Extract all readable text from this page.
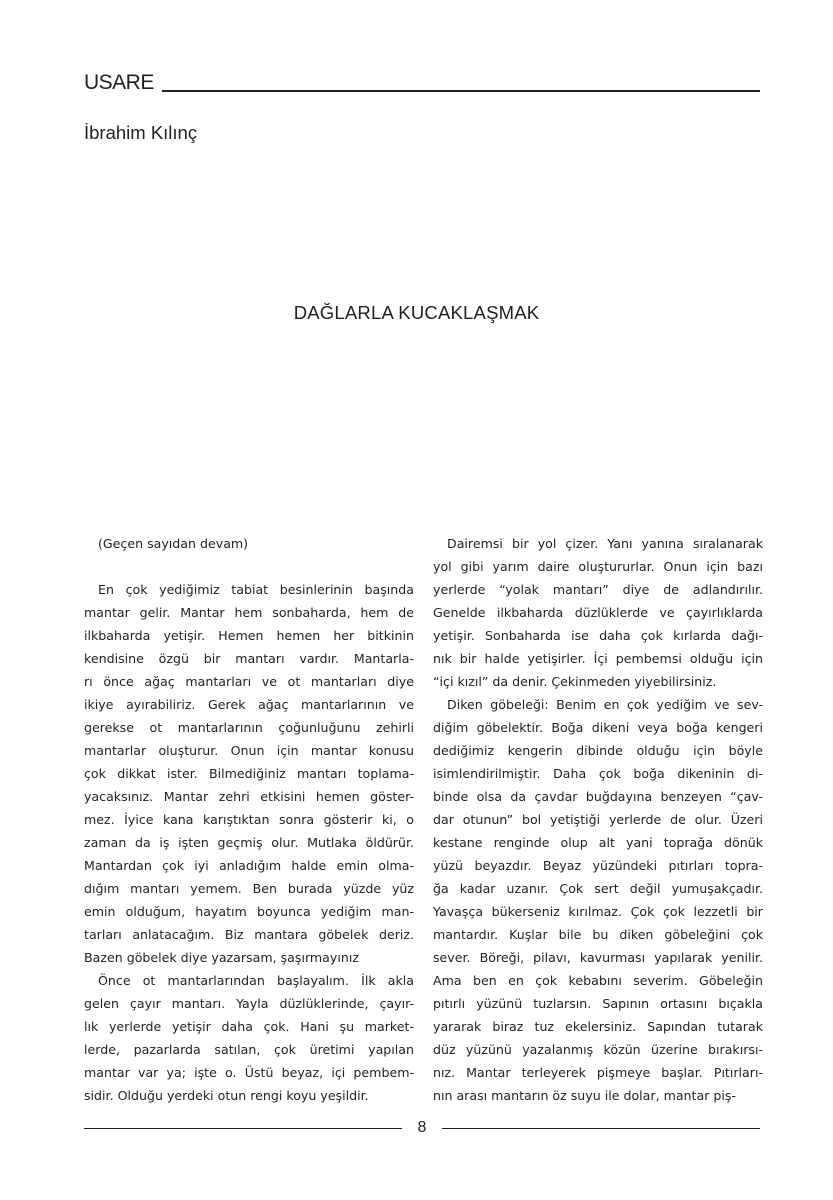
USARE
İbrahim Kılınç
DAĞLARLA KUCAKLAŞMAK
(Geçen sayıdan devam)
En çok yediğimiz tabiat besinlerinin başında
mantar gelir. Mantar hem sonbaharda, hem de
ilkbaharda yetişir. Hemen hemen her bitkinin
kendisine özgü bir mantarı vardır. Mantarla-
rı önce ağaç mantarları ve ot mantarları diye
ikiye ayırabiliriz. Gerek ağaç mantarlarının ve
gerekse ot mantarlarının çoğunluğunu zehirli
mantarlar oluşturur. Onun için mantar konusu
çok dikkat ister. Bilmediğiniz mantarı toplama-
yacaksınız. Mantar zehri etkisini hemen göster-
mez. İyice kana karıştıktan sonra gösterir ki, o
zaman da iş işten geçmiş olur. Mutlaka öldürür.
Mantardan çok iyi anladığım halde emin olma-
dığım mantarı yemem. Ben burada yüzde yüz
emin olduğum, hayatım boyunca yediğim man-
tarları anlatacağım. Biz mantara göbelek deriz.
Bazen göbelek diye yazarsam, şaşırmayınız
Önce ot mantarlarından başlayalım. İlk akla
gelen çayır mantarı. Yayla düzlüklerinde, çayır-
lık yerlerde yetişir daha çok. Hani şu market-
lerde, pazarlarda satılan, çok üretimi yapılan
mantar var ya; işte o. Üstü beyaz, içi pembem-
sidir. Olduğu yerdeki otun rengi koyu yeşildir.
Dairemsi bir yol çizer. Yanı yanına sıralanarak
yol gibi yarım daire oluştururlar. Onun için bazı
yerlerde “yolak mantarı” diye de adlandırılır.
Genelde ilkbaharda düzlüklerde ve çayırlıklarda
yetişir. Sonbaharda ise daha çok kırlarda dağı-
nık bir halde yetişirler. İçi pembemsi olduğu için
“içi kızıl” da denir. Çekinmeden yiyebilirsiniz.
Diken göbeleği: Benim en çok yediğim ve sev-
diğim göbelektir. Boğa dikeni veya boğa kengeri
dediğimiz kengerin dibinde olduğu için böyle
isimlendirilmiştir. Daha çok boğa dikeninin di-
binde olsa da çavdar buğdayına benzeyen “çav-
dar otunun” bol yetiştiği yerlerde de olur. Üzeri
kestane renginde olup alt yani toprağa dönük
yüzü beyazdır. Beyaz yüzündeki pıtırları topra-
ğa kadar uzanır. Çok sert değil yumuşakçadır.
Yavaşça bükerseniz kırılmaz. Çok çok lezzetli bir
mantardır. Kuşlar bile bu diken göbeleğini çok
sever. Böreği, pilavı, kavurması yapılarak yenilir.
Ama ben en çok kebabını severim. Göbeleğin
pıtırlı yüzünü tuzlarsın. Sapının ortasını bıçakla
yararak biraz tuz ekelersiniz. Sapından tutarak
düz yüzünü yazalanmış közün üzerine bırakırsı-
nız. Mantar terleyerek pişmeye başlar. Pıtırları-
nın arası mantarın öz suyu ile dolar, mantar piş-
8
